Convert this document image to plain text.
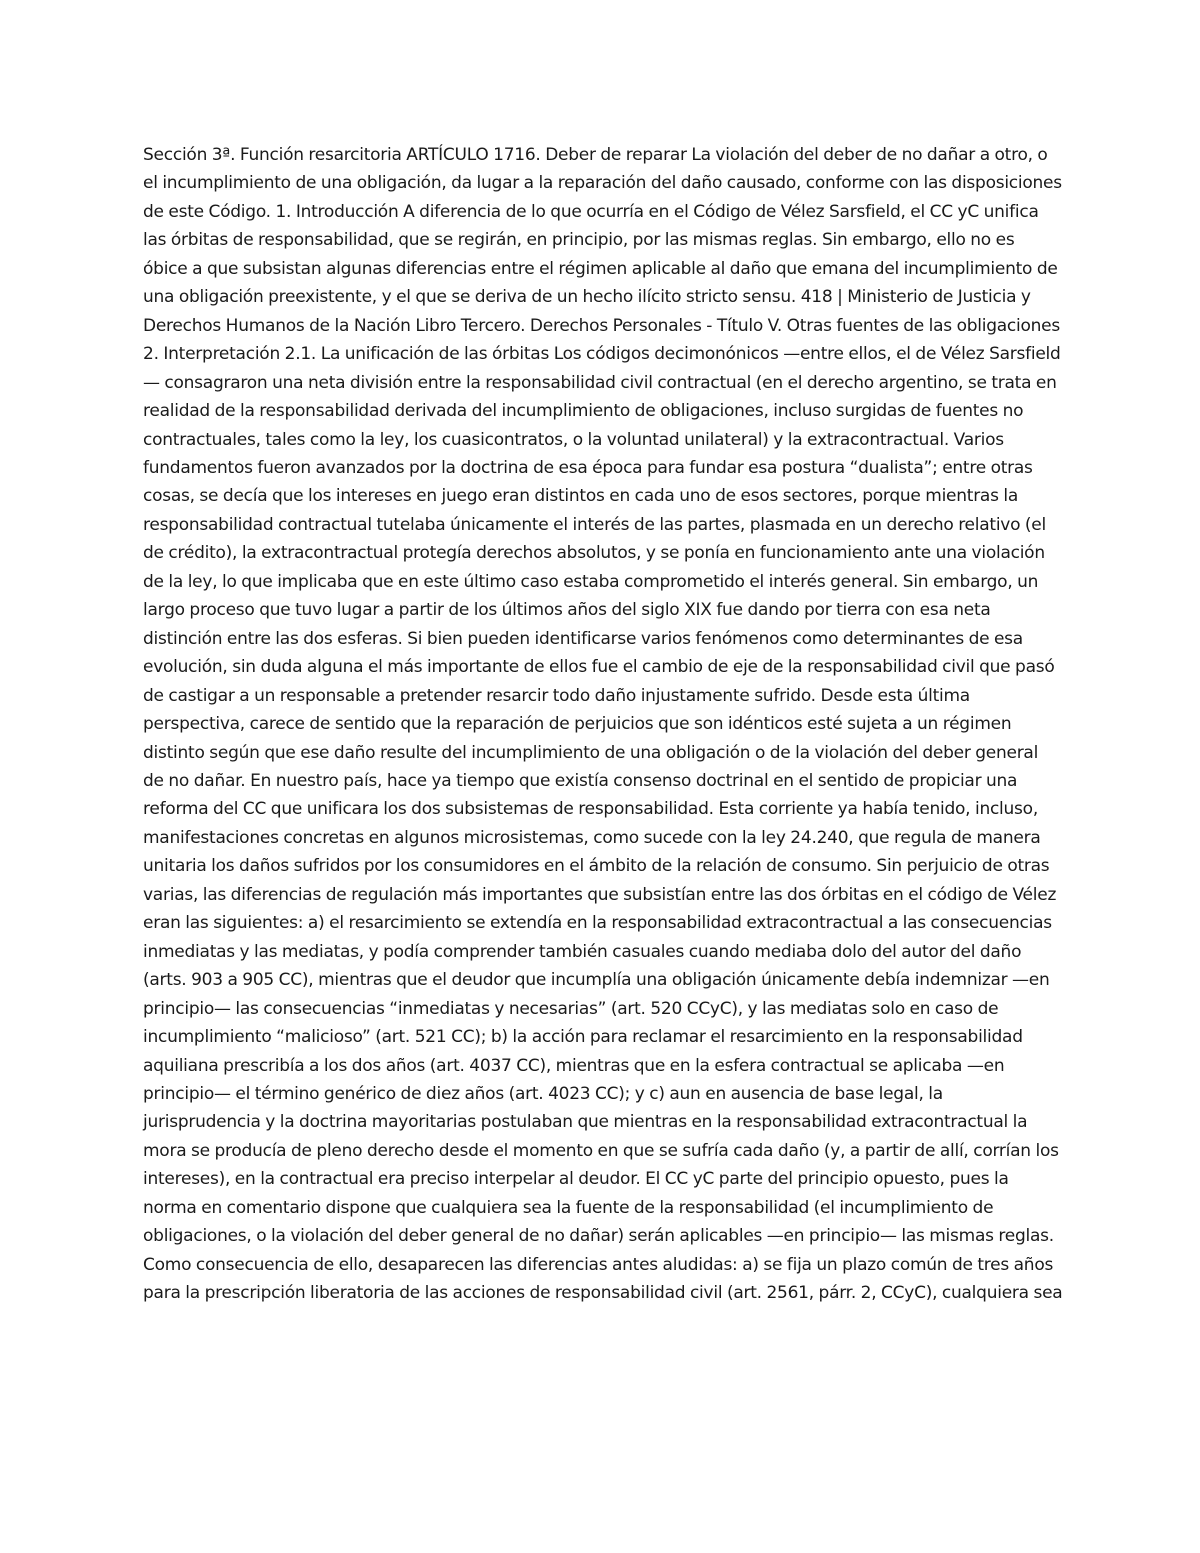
Sección 3ª. Función resarcitoria ARTÍCULO 1716. Deber de reparar La violación del deber de no dañar a otro, o el incumplimiento de una obligación, da lugar a la reparación del daño causado, conforme con las disposiciones de este Código. 1. Introducción A diferencia de lo que ocurría en el Código de Vélez Sarsfield, el CC yC unifica las órbitas de responsabilidad, que se regirán, en principio, por las mismas reglas. Sin embargo, ello no es óbice a que subsistan algunas diferencias entre el régimen aplicable al daño que emana del incumplimiento de una obligación preexistente, y el que se deriva de un hecho ilícito stricto sensu. 418 | Ministerio de Justicia y Derechos Humanos de la Nación Libro Tercero. Derechos Personales - Título V. Otras fuentes de las obligaciones 2. Interpretación 2.1. La unificación de las órbitas Los códigos decimonónicos —entre ellos, el de Vélez Sarsfield— consagraron una neta división entre la responsabilidad civil contractual (en el derecho argentino, se trata en realidad de la responsabilidad derivada del incumplimiento de obligaciones, incluso surgidas de fuentes no contractuales, tales como la ley, los cuasicontratos, o la voluntad unilateral) y la extracontractual. Varios fundamentos fueron avanzados por la doctrina de esa época para fundar esa postura “dualista”; entre otras cosas, se decía que los intereses en juego eran distintos en cada uno de esos sectores, porque mientras la responsabilidad contractual tutelaba únicamente el interés de las partes, plasmada en un derecho relativo (el de crédito), la extracontractual protegía derechos absolutos, y se ponía en funcionamiento ante una violación de la ley, lo que implicaba que en este último caso estaba comprometido el interés general. Sin embargo, un largo proceso que tuvo lugar a partir de los últimos años del siglo XIX fue dando por tierra con esa neta distinción entre las dos esferas. Si bien pueden identificarse varios fenómenos como determinantes de esa evolución, sin duda alguna el más importante de ellos fue el cambio de eje de la responsabilidad civil que pasó de castigar a un responsable a pretender resarcir todo daño injustamente sufrido. Desde esta última perspectiva, carece de sentido que la reparación de perjuicios que son idénticos esté sujeta a un régimen distinto según que ese daño resulte del incumplimiento de una obligación o de la violación del deber general de no dañar. En nuestro país, hace ya tiempo que existía consenso doctrinal en el sentido de propiciar una reforma del CC que unificara los dos subsistemas de responsabilidad. Esta corriente ya había tenido, incluso, manifestaciones concretas en algunos microsistemas, como sucede con la ley 24.240, que regula de manera unitaria los daños sufridos por los consumidores en el ámbito de la relación de consumo. Sin perjuicio de otras varias, las diferencias de regulación más importantes que subsistían entre las dos órbitas en el código de Vélez eran las siguientes: a) el resarcimiento se extendía en la responsabilidad extracontractual a las consecuencias inmediatas y las mediatas, y podía comprender también casuales cuando mediaba dolo del autor del daño (arts. 903 a 905 CC), mientras que el deudor que incumplía una obligación únicamente debía indemnizar —en principio— las consecuencias “inmediatas y necesarias” (art. 520 CCyC), y las mediatas solo en caso de incumplimiento “malicioso” (art. 521 CC); b) la acción para reclamar el resarcimiento en la responsabilidad aquiliana prescribía a los dos años (art. 4037 CC), mientras que en la esfera contractual se aplicaba —en principio— el término genérico de diez años (art. 4023 CC); y c) aun en ausencia de base legal, la jurisprudencia y la doctrina mayoritarias postulaban que mientras en la responsabilidad extracontractual la mora se producía de pleno derecho desde el momento en que se sufría cada daño (y, a partir de allí, corrían los intereses), en la contractual era preciso interpelar al deudor. El CC yC parte del principio opuesto, pues la norma en comentario dispone que cualquiera sea la fuente de la responsabilidad (el incumplimiento de obligaciones, o la violación del deber general de no dañar) serán aplicables —en principio— las mismas reglas. Como consecuencia de ello, desaparecen las diferencias antes aludidas: a) se fija un plazo común de tres años para la prescripción liberatoria de las acciones de responsabilidad civil (art. 2561, párr. 2, CCyC), cualquiera sea
